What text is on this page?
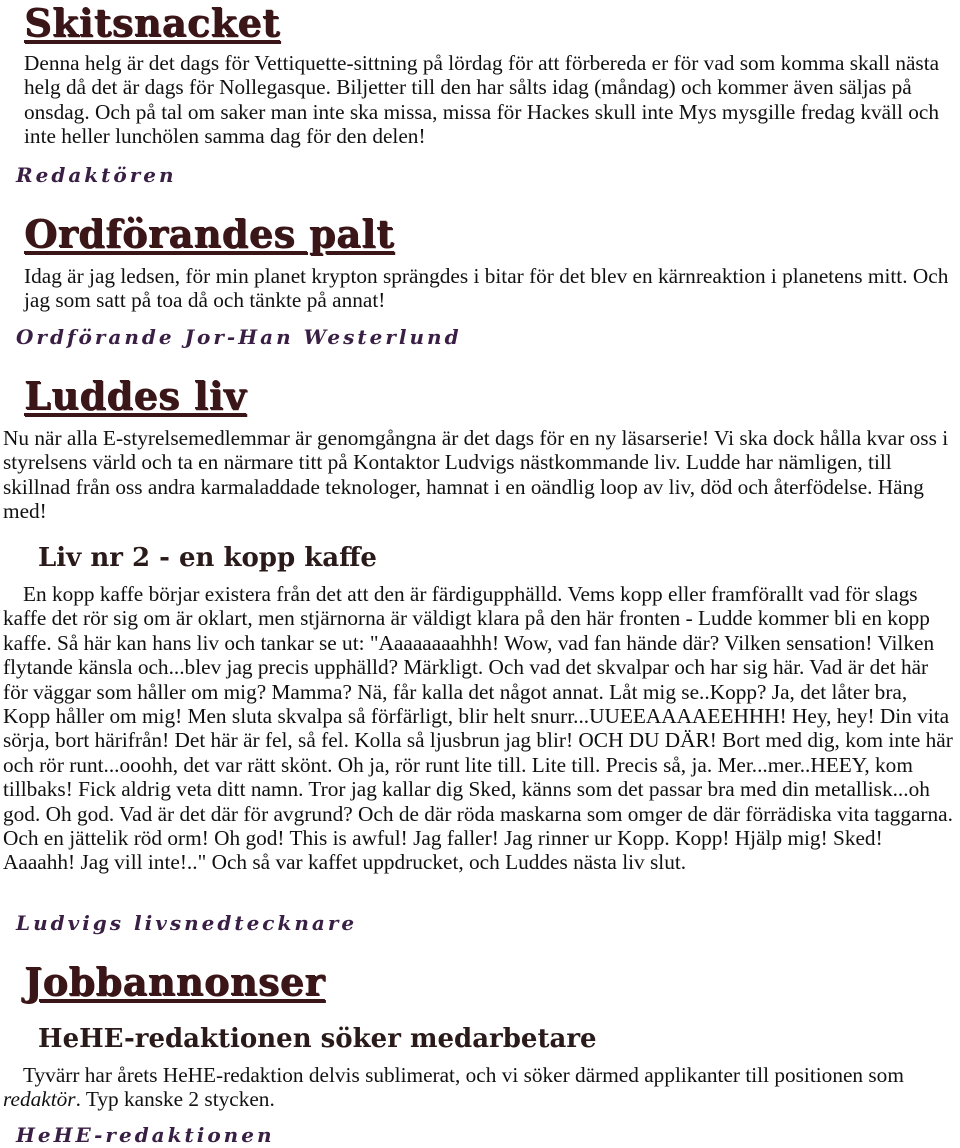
Skitsnacket

Denna helg är det dags för Vettiquette-sittning på lördag för att förbereda er för vad som komma skall nästa helg då det är dags för Nollegasque. Biljetter till den har sålts idag (måndag) och kommer även säljas på onsdag. Och på tal om saker man inte ska missa, missa för Hackes skull inte Mys mysgille fredag kväll och inte heller lunchölen samma dag för den delen!

Redaktören
Ordförandes palt

Idag är jag ledsen, för min planet krypton sprängdes i bitar för det blev en kärnreaktion i planetens mitt. Och jag som satt på toa då och tänkte på annat!

Ordförande Jor-Han Westerlund
Luddes liv

Nu när alla E-styrelsemedlemmar är genomgångna är det dags för en ny läsarserie! Vi ska dock hålla kvar oss i styrelsens värld och ta en närmare titt på Kontaktor Ludvigs nästkommande liv. Ludde har nämligen, till skillnad från oss andra karmaladdade teknologer, hamnat i en oändlig loop av liv, död och återfödelse. Häng med!

Liv nr 2 - en kopp kaffe

En kopp kaffe börjar existera från det att den är färdigupphälld. Vems kopp eller framförallt vad för slags kaffe det rör sig om är oklart, men stjärnorna är väldigt klara på den här fronten - Ludde kommer bli en kopp kaffe. Så här kan hans liv och tankar se ut: "Aaaaaaaahhh! Wow, vad fan hände där? Vilken sensation! Vilken flytande känsla och...blev jag precis upphälld? Märkligt. Och vad det skvalpar och har sig här. Vad är det här för väggar som håller om mig? Mamma? Nä, får kalla det något annat. Låt mig se..Kopp? Ja, det låter bra, Kopp håller om mig! Men sluta skvalpa så förfärligt, blir helt snurr...UUEEAAAAEEHHH! Hey, hey! Din vita sörja, bort härifrån! Det här är fel, så fel. Kolla så ljusbrun jag blir! OCH DU DÄR! Bort med dig, kom inte här och rör runt...ooohh, det var rätt skönt. Oh ja, rör runt lite till. Lite till. Precis så, ja. Mer...mer..HEEY, kom tillbaks! Fick aldrig veta ditt namn. Tror jag kallar dig Sked, känns som det passar bra med din metallisk...oh god. Oh god. Vad är det där för avgrund? Och de där röda maskarna som omger de där förrädiska vita taggarna. Och en jättelik röd orm! Oh god! This is awful! Jag faller! Jag rinner ur Kopp. Kopp! Hjälp mig! Sked! Aaaahh! Jag vill inte!.." Och så var kaffet uppdrucket, och Luddes nästa liv slut.

Ludvigs livsnedtecknare
Jobbannonser
HeHE-redaktionen söker medarbetare

Tyvärr har årets HeHE-redaktion delvis sublimerat, och vi söker därmed applikanter till positionen som redaktör. Typ kanske 2 stycken.

HeHE-redaktionen
